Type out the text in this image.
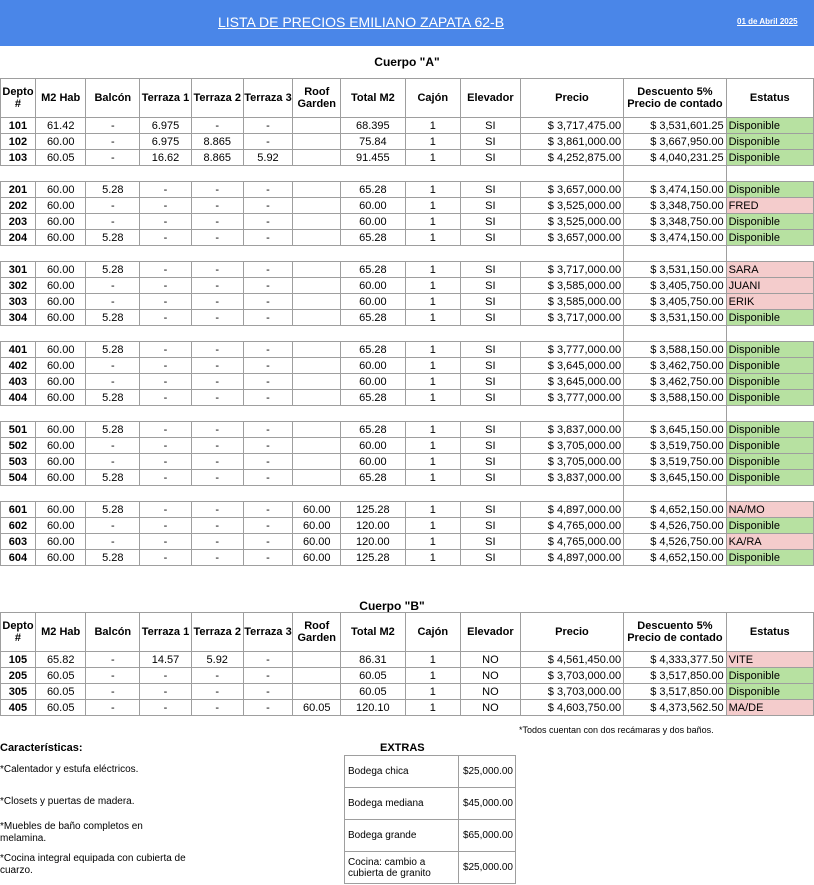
LISTA DE PRECIOS EMILIANO ZAPATA 62-B	01 de Abril 2025
Cuerpo "A"
Depto #	M2 Hab	Balcón	Terraza 1	Terraza 2	Terraza 3	Roof Garden	Total M2	Cajón	Elevador	Precio	Descuento 5% Precio de contado	Estatus
101	61.42	-	6.975	-	-		68.395	1	SI	$ 3,717,475.00	$ 3,531,601.25	Disponible
102	60.00	-	6.975	8.865	-		75.84	1	SI	$ 3,861,000.00	$ 3,667,950.00	Disponible
103	60.05	-	16.62	8.865	5.92		91.455	1	SI	$ 4,252,875.00	$ 4,040,231.25	Disponible

201	60.00	5.28	-	-	-		65.28	1	SI	$ 3,657,000.00	$ 3,474,150.00	Disponible
202	60.00	-	-	-	-		60.00	1	SI	$ 3,525,000.00	$ 3,348,750.00	FRED
203	60.00	-	-	-	-		60.00	1	SI	$ 3,525,000.00	$ 3,348,750.00	Disponible
204	60.00	5.28	-	-	-		65.28	1	SI	$ 3,657,000.00	$ 3,474,150.00	Disponible

301	60.00	5.28	-	-	-		65.28	1	SI	$ 3,717,000.00	$ 3,531,150.00	SARA
302	60.00	-	-	-	-		60.00	1	SI	$ 3,585,000.00	$ 3,405,750.00	JUANI
303	60.00	-	-	-	-		60.00	1	SI	$ 3,585,000.00	$ 3,405,750.00	ERIK
304	60.00	5.28	-	-	-		65.28	1	SI	$ 3,717,000.00	$ 3,531,150.00	Disponible

401	60.00	5.28	-	-	-		65.28	1	SI	$ 3,777,000.00	$ 3,588,150.00	Disponible
402	60.00	-	-	-	-		60.00	1	SI	$ 3,645,000.00	$ 3,462,750.00	Disponible
403	60.00	-	-	-	-		60.00	1	SI	$ 3,645,000.00	$ 3,462,750.00	Disponible
404	60.00	5.28	-	-	-		65.28	1	SI	$ 3,777,000.00	$ 3,588,150.00	Disponible

501	60.00	5.28	-	-	-		65.28	1	SI	$ 3,837,000.00	$ 3,645,150.00	Disponible
502	60.00	-	-	-	-		60.00	1	SI	$ 3,705,000.00	$ 3,519,750.00	Disponible
503	60.00	-	-	-	-		60.00	1	SI	$ 3,705,000.00	$ 3,519,750.00	Disponible
504	60.00	5.28	-	-	-		65.28	1	SI	$ 3,837,000.00	$ 3,645,150.00	Disponible

601	60.00	5.28	-	-	-	60.00	125.28	1	SI	$ 4,897,000.00	$ 4,652,150.00	NA/MO
602	60.00	-	-	-	-	60.00	120.00	1	SI	$ 4,765,000.00	$ 4,526,750.00	Disponible
603	60.00	-	-	-	-	60.00	120.00	1	SI	$ 4,765,000.00	$ 4,526,750.00	KA/RA
604	60.00	5.28	-	-	-	60.00	125.28	1	SI	$ 4,897,000.00	$ 4,652,150.00	Disponible
Cuerpo "B"
Depto #	M2 Hab	Balcón	Terraza 1	Terraza 2	Terraza 3	Roof Garden	Total M2	Cajón	Elevador	Precio	Descuento 5% Precio de contado	Estatus
105	65.82	-	14.57	5.92	-		86.31	1	NO	$ 4,561,450.00	$ 4,333,377.50	VITE
205	60.05	-	-	-	-		60.05	1	NO	$ 3,703,000.00	$ 3,517,850.00	Disponible
305	60.05	-	-	-	-		60.05	1	NO	$ 3,703,000.00	$ 3,517,850.00	Disponible
405	60.05	-	-	-	-	60.05	120.10	1	NO	$ 4,603,750.00	$ 4,373,562.50	MA/DE
*Todos cuentan con dos recámaras y dos baños.
Características:
*Calentador y estufa eléctricos.
*Closets y puertas de madera.
*Muebles de baño completos en melamina.
*Cocina integral equipada con cubierta de cuarzo.
EXTRAS
Bodega chica	$25,000.00
Bodega mediana	$45,000.00
Bodega grande	$65,000.00
Cocina: cambio a cubierta de granito	$25,000.00
